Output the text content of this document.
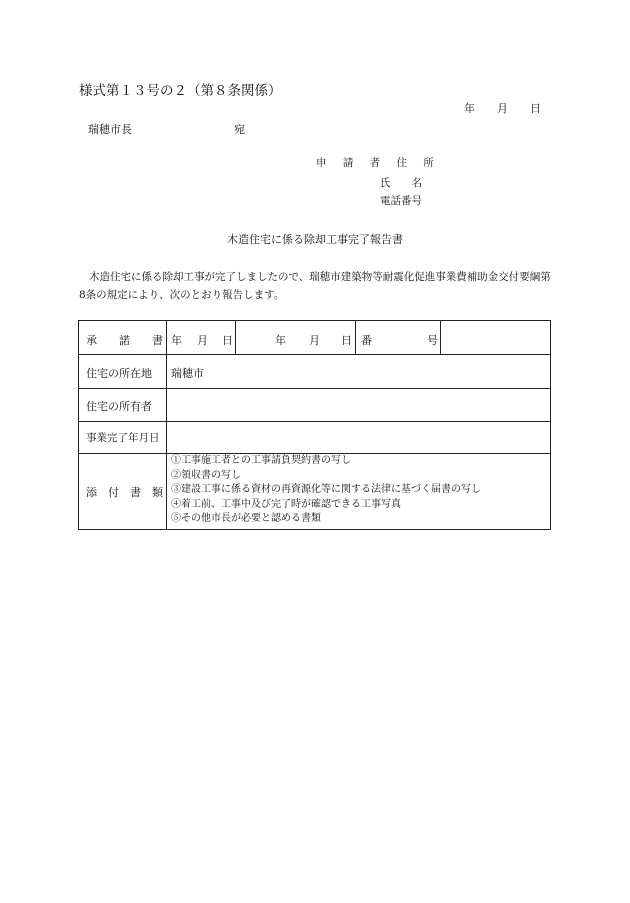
様式第１３号の２（第８条関係）
年 月 日
瑞穂市長	宛
申 請 者 住 所
氏　　名
電話番号
木造住宅に係る除却工事完了報告書
木造住宅に係る除却工事が完了しましたので、瑞穂市建築物等耐震化促進事業費補助金交付要綱第8条の規定により、次のとおり報告します。
承　　諾　　書 年 月 日	年 月 日 番　　　　　号
住宅の所在地 瑞穂市
住宅の所有者
事業完了年月日
添　付　書　類
①工事施工者との工事請負契約書の写し
②領収書の写し
③建設工事に係る資材の再資源化等に関する法律に基づく届書の写し
④着工前、工事中及び完了時が確認できる工事写真
⑤その他市長が必要と認める書類
